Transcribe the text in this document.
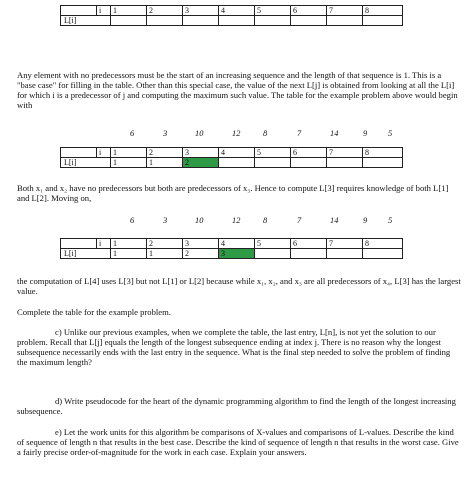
	i	1	2	3	4	5	6	7	8	
L[i]										
Any element with no predecessors must be the start of an increasing sequence and the length of that sequence is 1. This is a "base case" for filling in the table. Other than this special case, the value of the next L[j] is obtained from looking at all the L[i] for which i is a predecessor of j and computing the maximum such value. The table for the example problem above would begin with
6	3	10	12	8	7	14	9 5
	i	1	2	3	4	5	6	7	8	
L[i]		1	1	2						
Both x₁ and x₂ have no predecessors but both are predecessors of x₃. Hence to compute L[3] requires knowledge of both L[1] and L[2]. Moving on,
6	3	10	12	8	7	14	9 5
	i	1	2	3	4	5	6	7	8	
L[i]		1	1	2	3					
the computation of L[4] uses L[3] but not L[1] or L[2] because while x₁, x₂, and x₃ are all predecessors of x₄, L[3] has the largest value.
Complete the table for the example problem.
c) Unlike our previous examples, when we complete the table, the last entry, L[n], is not yet the solution to our problem. Recall that L[j] equals the length of the longest subsequence ending at index j. There is no reason why the longest subsequence necessarily ends with the last entry in the sequence. What is the final step needed to solve the problem of finding the maximum length?
d) Write pseudocode for the heart of the dynamic programming algorithm to find the length of the longest increasing subsequence.
e) Let the work units for this algorithm be comparisons of X-values and comparisons of L-values. Describe the kind of sequence of length n that results in the best case. Describe the kind of sequence of length n that results in the worst case. Give a fairly precise order-of-magnitude for the work in each case. Explain your answers.
